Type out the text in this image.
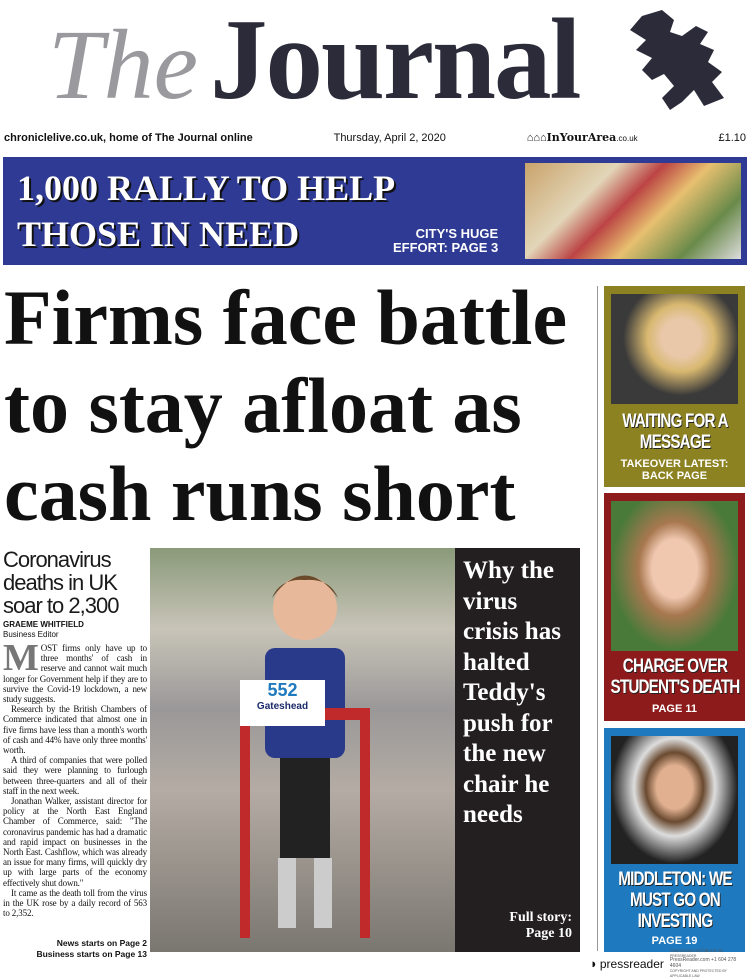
The Journal
chroniclelive.co.uk, home of The Journal online	Thursday, April 2, 2020	⌂⌂⌂InYourArea.co.uk	£1.10
1,000 RALLY TO HELP
THOSE IN NEED	CITY'S HUGE
EFFORT: PAGE 3
Firms face battle to stay afloat as cash runs short
Coronavirus deaths in UK soar to 2,300
GRAEME WHITFIELD
Business Editor

MOST firms only have up to three months' of cash in reserve and cannot wait much longer for Government help if they are to survive the Covid-19 lockdown, a new study suggests.

Research by the British Chambers of Commerce indicated that almost one in five firms have less than a month's worth of cash and 44% have only three months' worth.

A third of companies that were polled said they were planning to furlough between three-quarters and all of their staff in the next week.

Jonathan Walker, assistant director for policy at the North East England Chamber of Commerce, said: "The coronavirus pandemic has had a dramatic and rapid impact on businesses in the North East. Cashflow, which was already an issue for many firms, will quickly dry up with large parts of the economy effectively shut down."

It came as the death toll from the virus in the UK rose by a daily record of 563 to 2,352.

News starts on Page 2
Business starts on Page 13
552
Gateshead
Why the virus crisis has halted Teddy's push for the new chair he needs
Full story:
Page 10
WAITING FOR A MESSAGE
TAKEOVER LATEST: BACK PAGE
CHARGE OVER STUDENT'S DEATH
PAGE 11
MIDDLETON: WE MUST GO ON INVESTING
PAGE 19
◗ pressreader
PRINTED AND DISTRIBUTED BY PRESSREADER
PressReader.com +1 604 278 4604
COPYRIGHT AND PROTECTED BY APPLICABLE LAW
